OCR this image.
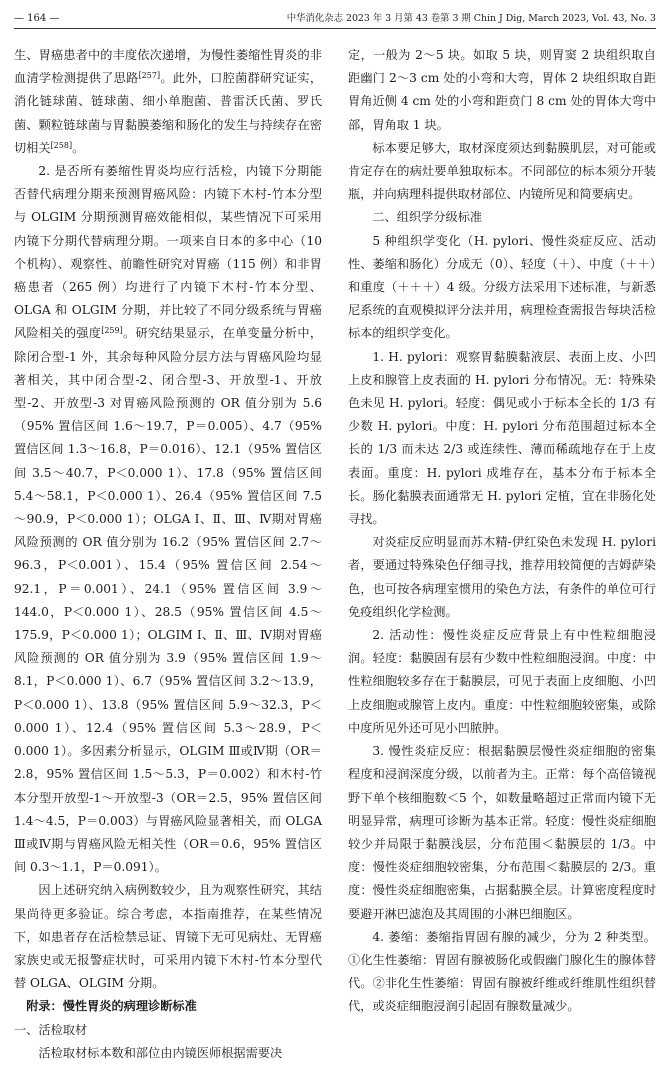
— 164 —	中华消化杂志 2023 年 3 月第 43 卷第 3 期 Chin J Dig, March 2023, Vol. 43, No. 3

生、胃癌患者中的丰度依次递增，为慢性萎缩性胃炎的非血清学检测提供了思路[257]。此外，口腔菌群研究证实，消化链球菌、链球菌、细小单胞菌、普雷沃氏菌、罗氏菌、颗粒链球菌与胃黏膜萎缩和肠化的发生与持续存在密切相关[258]。

2. 是否所有萎缩性胃炎均应行活检，内镜下分期能否替代病理分期来预测胃癌风险：内镜下木村-竹本分型与 OLGIM 分期预测胃癌效能相似，某些情况下可采用内镜下分期代替病理分期。一项来自日本的多中心（10 个机构）、观察性、前瞻性研究对胃癌（115 例）和非胃癌患者（265 例）均进行了内镜下木村-竹本分型、OLGA 和 OLGIM 分期，并比较了不同分级系统与胃癌风险相关的强度[259]。研究结果显示，在单变量分析中，除闭合型-1 外，其余每种风险分层方法与胃癌风险均显著相关，其中闭合型-2、闭合型-3、开放型-1、开放型-2、开放型-3 对胃癌风险预测的 OR 值分别为 5.6（95% 置信区间 1.6～19.7，P＝0.005）、4.7（95% 置信区间 1.3～16.8，P＝0.016）、12.1（95% 置信区间 3.5～40.7，P＜0.000 1）、17.8（95% 置信区间 5.4～58.1，P＜0.000 1）、26.4（95% 置信区间 7.5～90.9，P＜0.000 1）；OLGA Ⅰ、Ⅱ、Ⅲ、Ⅳ期对胃癌风险预测的 OR 值分别为 16.2（95% 置信区间 2.7～96.3，P＜0.001）、15.4（95% 置信区间 2.54～92.1，P＝0.001）、24.1（95% 置信区间 3.9～144.0，P＜0.000 1）、28.5（95% 置信区间 4.5～175.9，P＜0.000 1）；OLGIM Ⅰ、Ⅱ、Ⅲ、Ⅳ期对胃癌风险预测的 OR 值分别为 3.9（95% 置信区间 1.9～8.1，P＜0.000 1）、6.7（95% 置信区间 3.2～13.9，P＜0.000 1）、13.8（95% 置信区间 5.9～32.3，P＜0.000 1）、12.4（95% 置信区间 5.3～28.9，P＜0.000 1）。多因素分析显示，OLGIM Ⅲ或Ⅳ期（OR＝2.8，95% 置信区间 1.5～5.3，P＝0.002）和木村-竹本分型开放型-1～开放型-3（OR＝2.5，95% 置信区间 1.4～4.5，P＝0.003）与胃癌风险显著相关，而 OLGA Ⅲ或Ⅳ期与胃癌风险无相关性（OR＝0.6，95% 置信区间 0.3～1.1，P＝0.091）。

因上述研究纳入病例数较少，且为观察性研究，其结果尚待更多验证。综合考虑，本指南推荐，在某些情况下，如患者存在活检禁忌证、胃镜下无可见病灶、无胃癌家族史或无报警症状时，可采用内镜下木村-竹本分型代替 OLGA、OLGIM 分期。

附录：慢性胃炎的病理诊断标准
一、活检取材

活检取材标本数和部位由内镜医师根据需要决

定，一般为 2～5 块。如取 5 块，则胃窦 2 块组织取自距幽门 2～3 cm 处的小弯和大弯，胃体 2 块组织取自距胃角近侧 4 cm 处的小弯和距贲门 8 cm 处的胃体大弯中部，胃角取 1 块。

标本要足够大，取材深度须达到黏膜肌层，对可能或肯定存在的病灶要单独取标本。不同部位的标本须分开装瓶，并向病理科提供取材部位、内镜所见和简要病史。

二、组织学分级标准

5 种组织学变化（H. pylori、慢性炎症反应、活动性、萎缩和肠化）分成无（0）、轻度（＋）、中度（＋＋）和重度（＋＋＋）4 级。分级方法采用下述标准，与新悉尼系统的直观模拟评分法并用，病理检查需报告每块活检标本的组织学变化。

1. H. pylori：观察胃黏膜黏液层、表面上皮、小凹上皮和腺管上皮表面的 H. pylori 分布情况。无：特殊染色未见 H. pylori。轻度：偶见或小于标本全长的 1/3 有少数 H. pylori。中度：H. pylori 分布范围超过标本全长的 1/3 而未达 2/3 或连续性、薄而稀疏地存在于上皮表面。重度：H. pylori 成堆存在，基本分布于标本全长。肠化黏膜表面通常无 H. pylori 定植，宜在非肠化处寻找。

对炎症反应明显而苏木精-伊红染色未发现 H. pylori 者，要通过特殊染色仔细寻找，推荐用较简便的吉姆萨染色，也可按各病理室惯用的染色方法，有条件的单位可行免疫组织化学检测。

2. 活动性：慢性炎症反应背景上有中性粒细胞浸润。轻度：黏膜固有层有少数中性粒细胞浸润。中度：中性粒细胞较多存在于黏膜层，可见于表面上皮细胞、小凹上皮细胞或腺管上皮内。重度：中性粒细胞较密集，或除中度所见外还可见小凹脓肿。

3. 慢性炎症反应：根据黏膜层慢性炎症细胞的密集程度和浸润深度分级，以前者为主。正常：每个高倍镜视野下单个核细胞数＜5 个，如数量略超过正常而内镜下无明显异常，病理可诊断为基本正常。轻度：慢性炎症细胞较少并局限于黏膜浅层，分布范围＜黏膜层的 1/3。中度：慢性炎症细胞较密集，分布范围＜黏膜层的 2/3。重度：慢性炎症细胞密集，占据黏膜全层。计算密度程度时要避开淋巴滤泡及其周围的小淋巴细胞区。

4. 萎缩：萎缩指胃固有腺的减少，分为 2 种类型。①化生性萎缩：胃固有腺被肠化或假幽门腺化生的腺体替代。②非化生性萎缩：胃固有腺被纤维或纤维肌性组织替代，或炎症细胞浸润引起固有腺数量减少。
